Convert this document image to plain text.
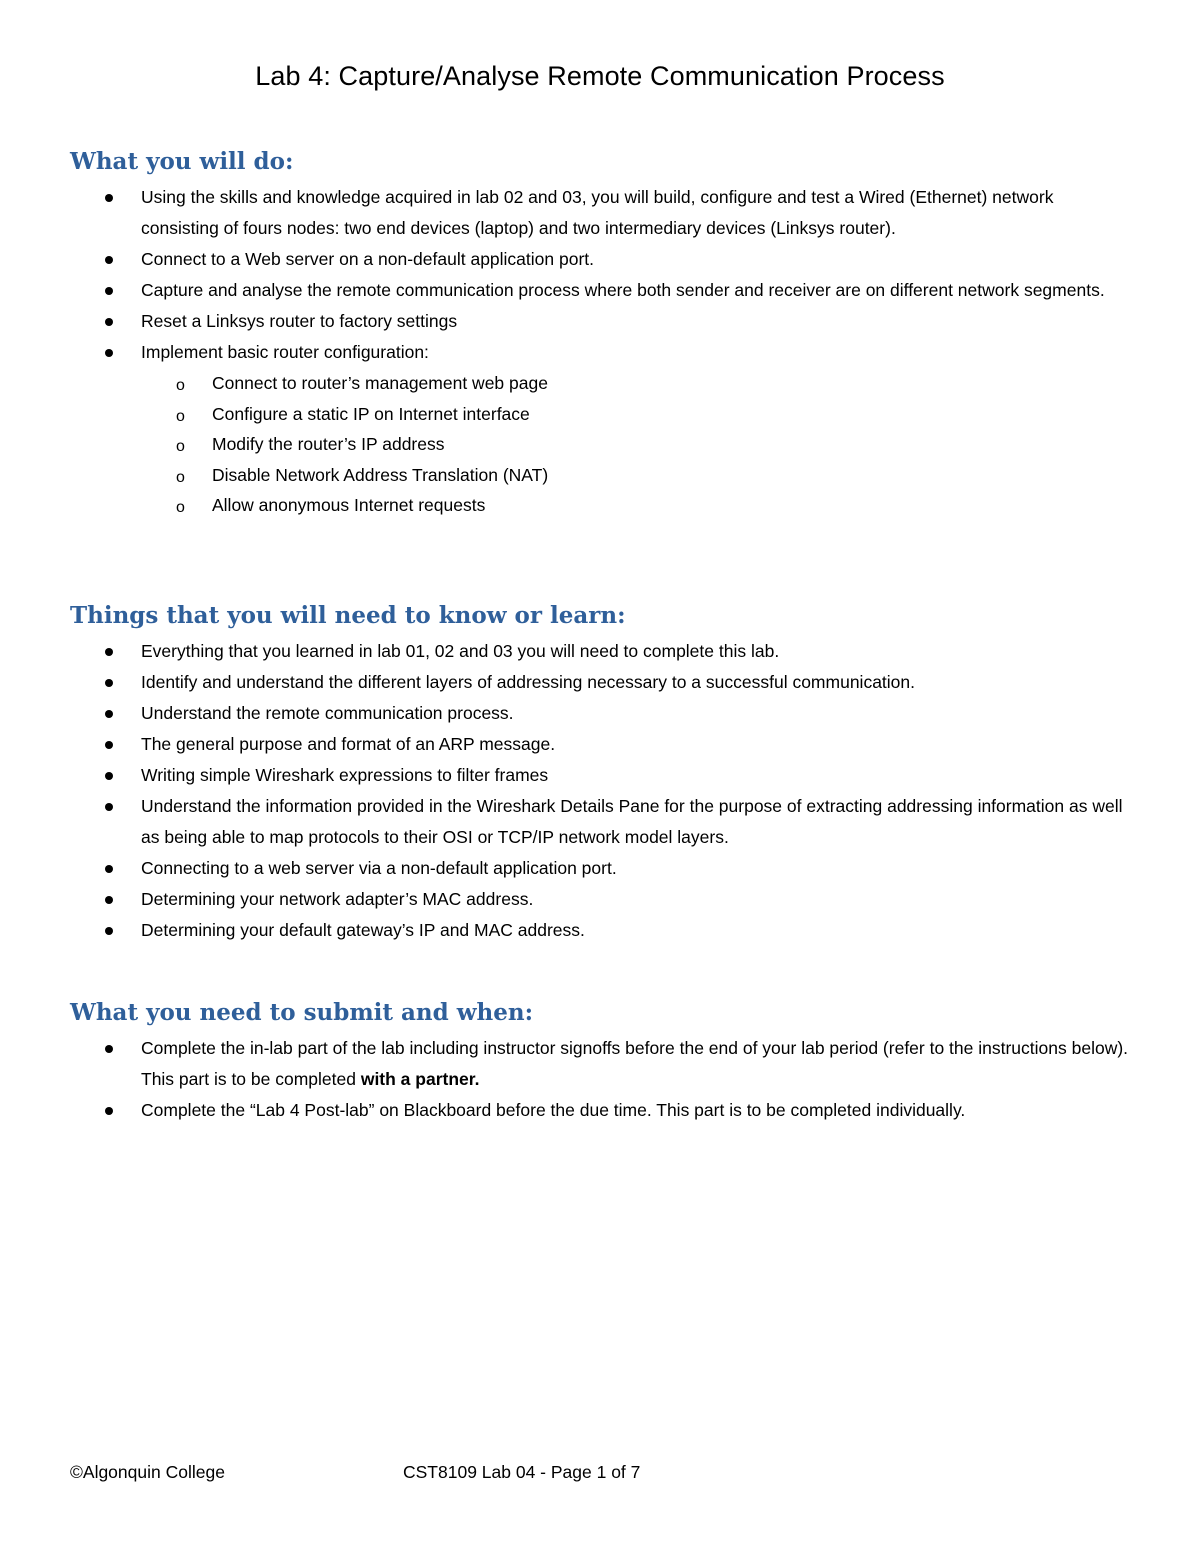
Lab 4: Capture/Analyse Remote Communication Process
What you will do:
Using the skills and knowledge acquired in lab 02 and 03, you will build, configure and test a Wired (Ethernet) network consisting of fours nodes: two end devices (laptop) and two intermediary devices (Linksys router).
Connect to a Web server on a non-default application port.
Capture and analyse the remote communication process where both sender and receiver are on different network segments.
Reset a Linksys router to factory settings
Implement basic router configuration:
o Connect to router’s management web page
o Configure a static IP on Internet interface
o Modify the router’s IP address
o Disable Network Address Translation (NAT)
o Allow anonymous Internet requests
Things that you will need to know or learn:
Everything that you learned in lab 01, 02 and 03 you will need to complete this lab.
Identify and understand the different layers of addressing necessary to a successful communication.
Understand the remote communication process.
The general purpose and format of an ARP message.
Writing simple Wireshark expressions to filter frames
Understand the information provided in the Wireshark Details Pane for the purpose of extracting addressing information as well as being able to map protocols to their OSI or TCP/IP network model layers.
Connecting to a web server via a non-default application port.
Determining your network adapter’s MAC address.
Determining your default gateway’s IP and MAC address.
What you need to submit and when:
Complete the in-lab part of the lab including instructor signoffs before the end of your lab period (refer to the instructions below). This part is to be completed with a partner.
Complete the “Lab 4 Post-lab” on Blackboard before the due time. This part is to be completed individually.
©Algonquin College	CST8109 Lab 04 - Page 1 of 7
